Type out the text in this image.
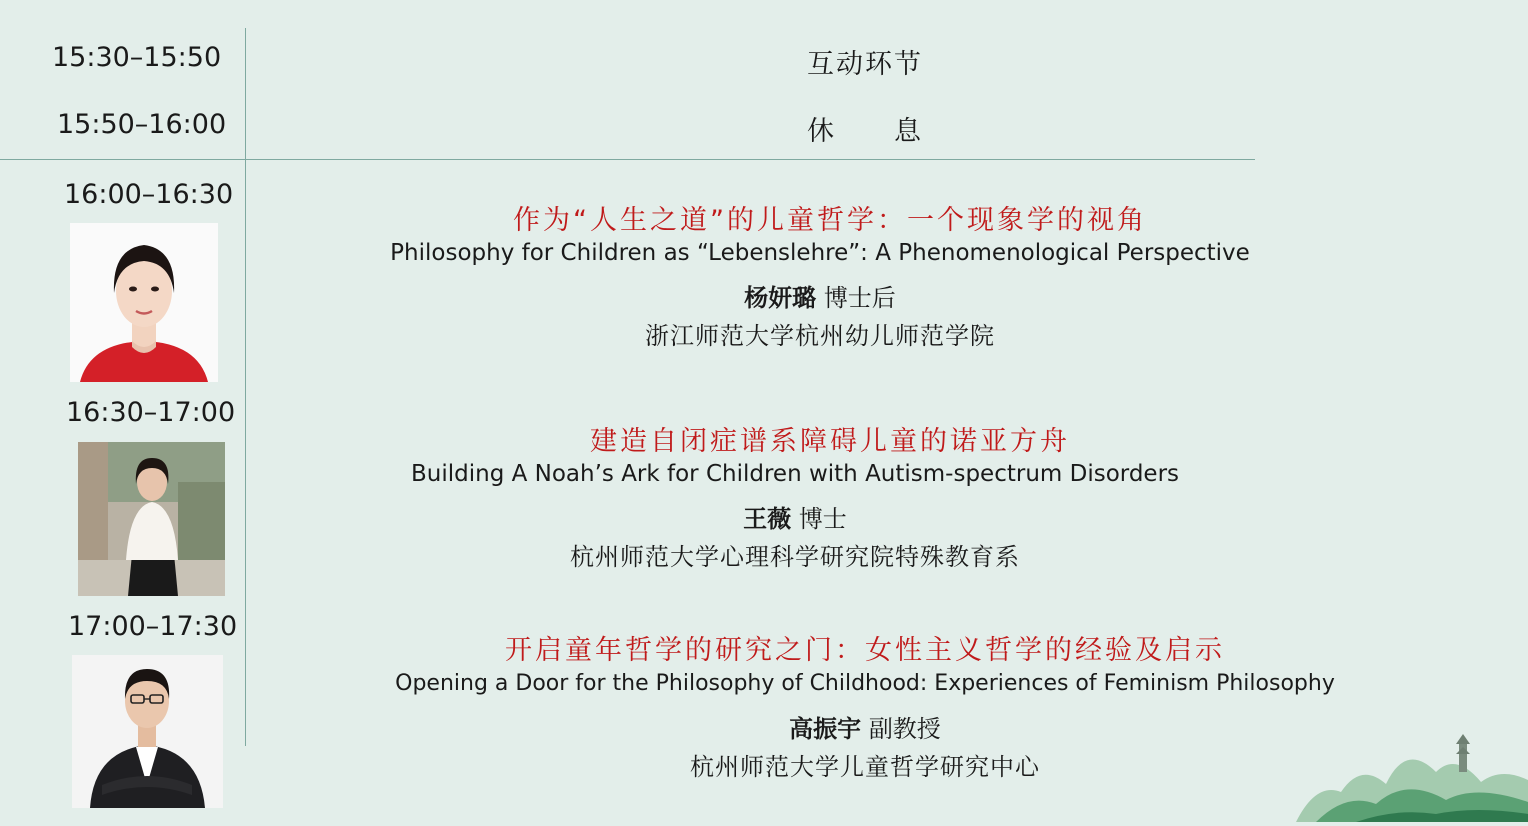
15:30–15:50	互动环节
15:50–16:00	休　　息
16:00–16:30
作为“人生之道”的儿童哲学：一个现象学的视角
Philosophy for Children as “Lebenslehre”: A Phenomenological Perspective
杨妍璐 博士后
浙江师范大学杭州幼儿师范学院
16:30–17:00
建造自闭症谱系障碍儿童的诺亚方舟
Building A Noah’s Ark for Children with Autism-spectrum Disorders
王薇 博士
杭州师范大学心理科学研究院特殊教育系
17:00–17:30
开启童年哲学的研究之门：女性主义哲学的经验及启示
Opening a Door for the Philosophy of Childhood: Experiences of Feminism Philosophy
高振宇 副教授
杭州师范大学儿童哲学研究中心
